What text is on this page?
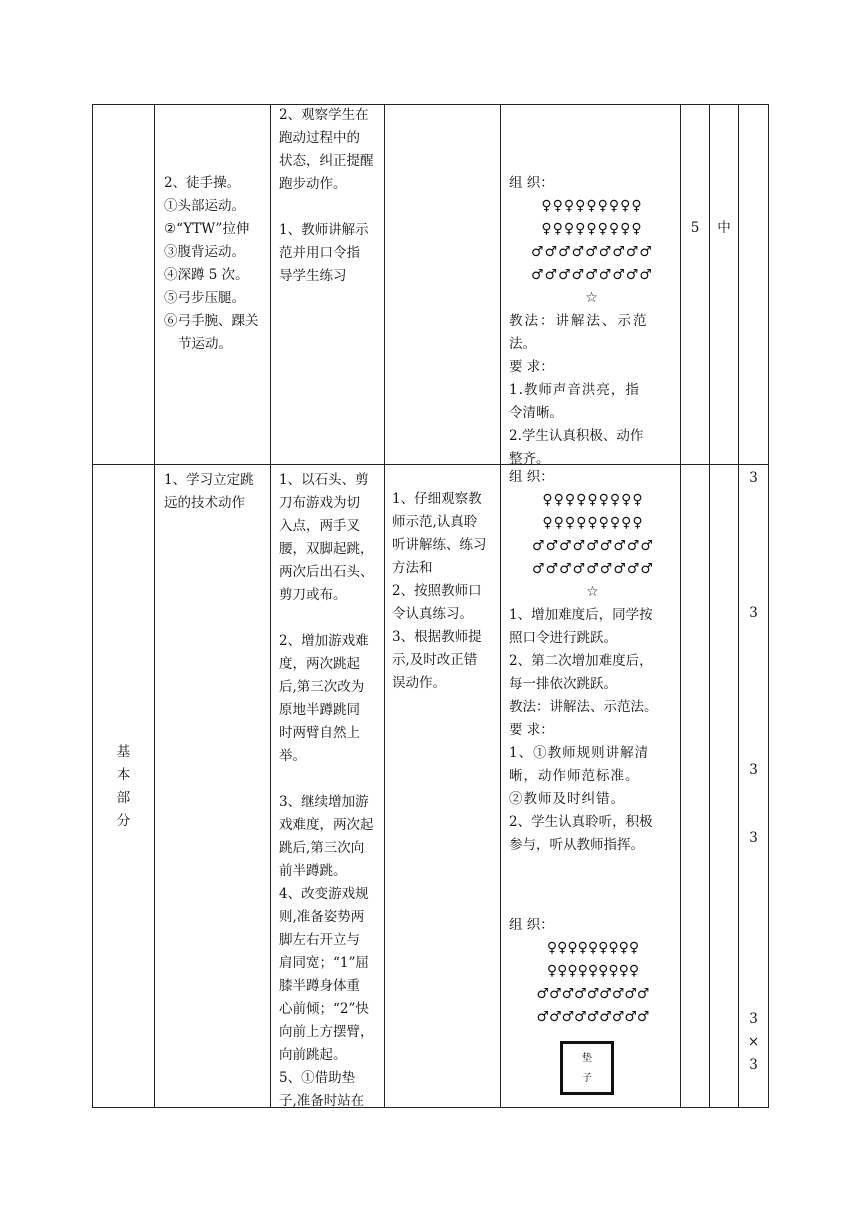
2、徒手操。
①头部运动。
②“YTW”拉伸
③腹背运动。
④深蹲 5 次。
⑤弓步压腿。
⑥弓手腕、踝关
节运动。
2、观察学生在
跑动过程中的
状态，纠正提醒
跑步动作。
1、教师讲解示
范并用口令指
导学生练习
组 织：
♀♀♀♀♀♀♀♀♀
♀♀♀♀♀♀♀♀♀
♂♂♂♂♂♂♂♂♂
♂♂♂♂♂♂♂♂♂
☆
教法：讲解法、示范
法。
要 求：
1.教师声音洪亮，指
令清晰。
2.学生认真积极、动作
整齐。
5	中
基
本
部
分
1、学习立定跳
远的技术动作
1、以石头、剪
刀布游戏为切
入点，两手叉
腰，双脚起跳，
两次后出石头、
剪刀或布。
2、增加游戏难
度，两次跳起
后,第三次改为
原地半蹲跳同
时两臂自然上
举。
3、继续增加游
戏难度，两次起
跳后,第三次向
前半蹲跳。
4、改变游戏规
则,准备姿势两
脚左右开立与
肩同宽；“1”屈
膝半蹲身体重
心前倾；“2”快
向前上方摆臂，
向前跳起。
5、①借助垫
子,准备时站在
1、仔细观察教
师示范,认真聆
听讲解练、练习
方法和
2、按照教师口
令认真练习。
3、根据教师提
示,及时改正错
误动作。
组 织：
♀♀♀♀♀♀♀♀♀
♀♀♀♀♀♀♀♀♀
♂♂♂♂♂♂♂♂♂
♂♂♂♂♂♂♂♂♂
☆
1、增加难度后，同学按
照口令进行跳跃。
2、第二次增加难度后，
每一排依次跳跃。
教法：讲解法、示范法。
要 求：
1、①教师规则讲解清
晰，动作师范标准。
②教师及时纠错。
2、学生认真聆听，积极
参与，听从教师指挥。
组 织：
♀♀♀♀♀♀♀♀♀
♀♀♀♀♀♀♀♀♀
♂♂♂♂♂♂♂♂♂
♂♂♂♂♂♂♂♂♂
垫
子
3
3
3
3
3
×
3
